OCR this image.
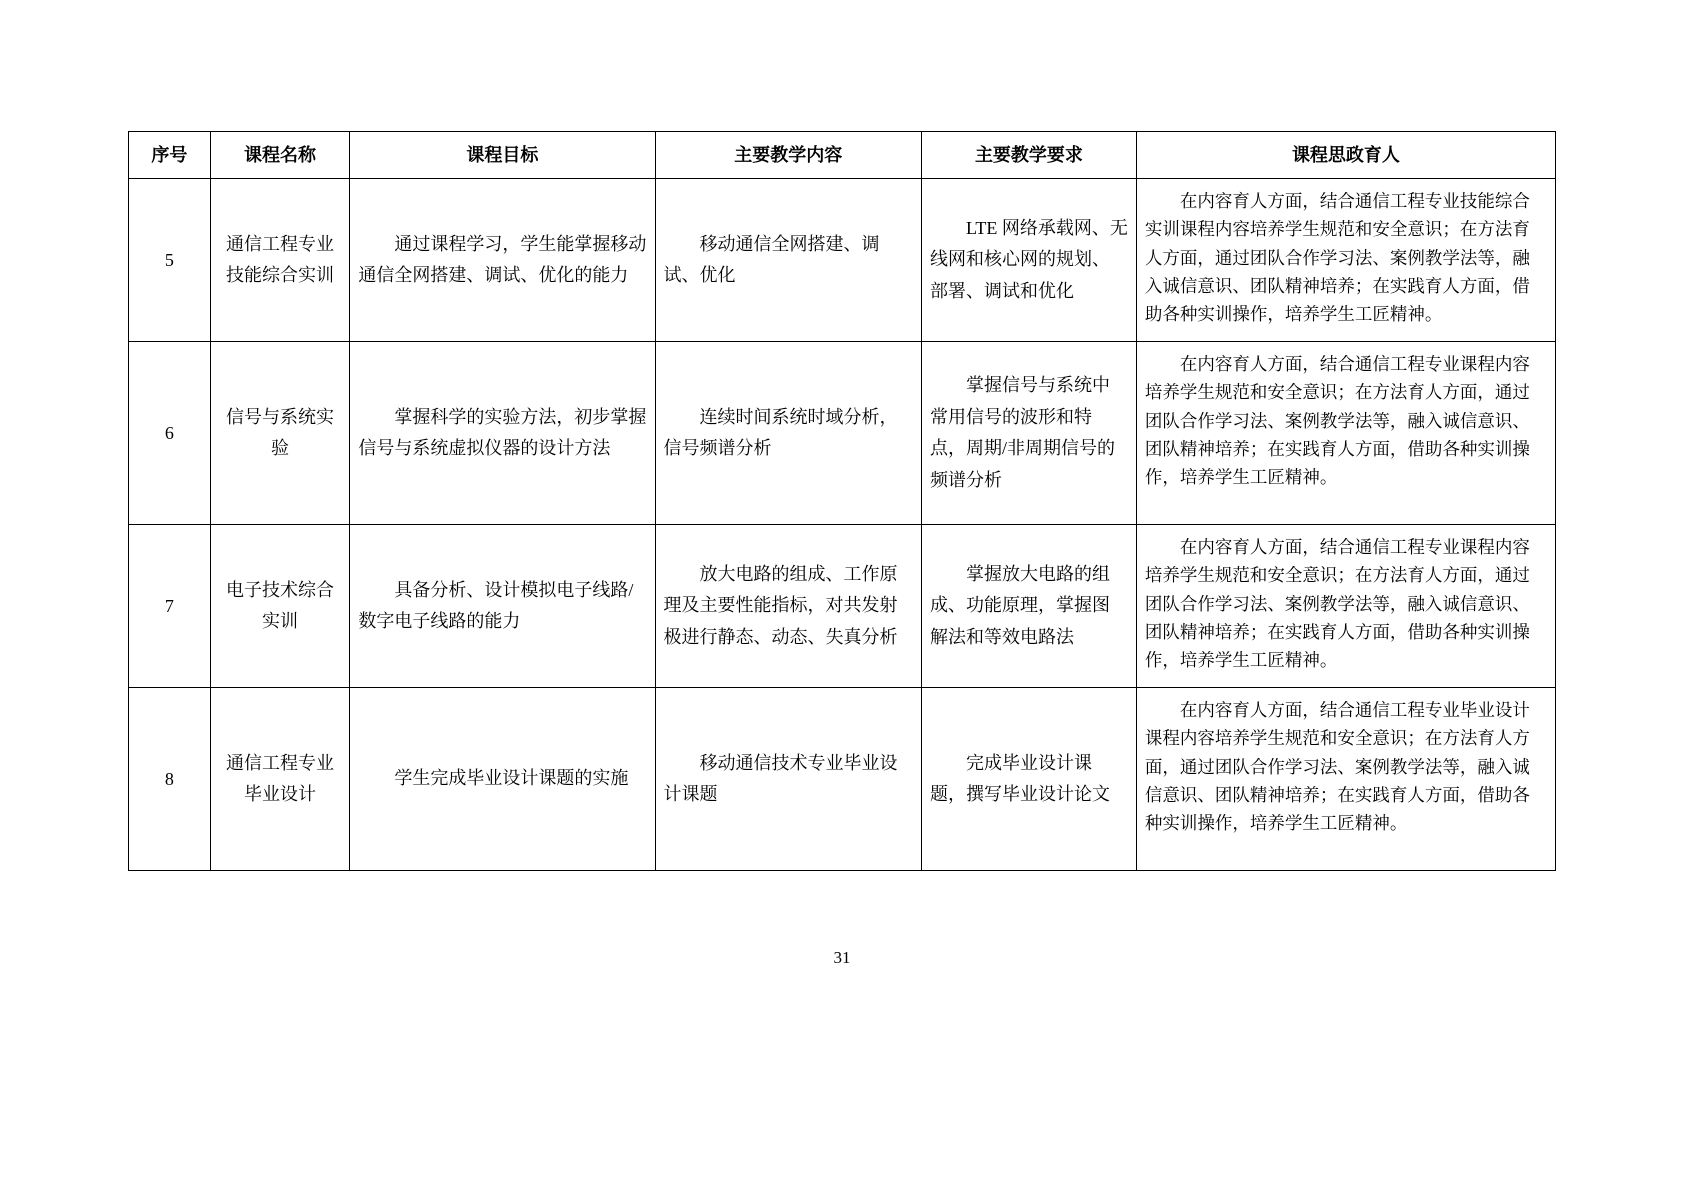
序号	课程名称	课程目标	主要教学内容	主要教学要求	课程思政育人
5	通信工程专业技能综合实训	通过课程学习，学生能掌握移动通信全网搭建、调试、优化的能力	移动通信全网搭建、调试、优化	LTE 网络承载网、无线网和核心网的规划、部署、调试和优化	在内容育人方面，结合通信工程专业技能综合实训课程内容培养学生规范和安全意识；在方法育人方面，通过团队合作学习法、案例教学法等，融入诚信意识、团队精神培养；在实践育人方面，借助各种实训操作，培养学生工匠精神。
6	信号与系统实验	掌握科学的实验方法，初步掌握信号与系统虚拟仪器的设计方法	连续时间系统时域分析，信号频谱分析	掌握信号与系统中常用信号的波形和特点，周期/非周期信号的频谱分析	在内容育人方面，结合通信工程专业课程内容培养学生规范和安全意识；在方法育人方面，通过团队合作学习法、案例教学法等，融入诚信意识、团队精神培养；在实践育人方面，借助各种实训操作，培养学生工匠精神。
7	电子技术综合实训	具备分析、设计模拟电子线路/数字电子线路的能力	放大电路的组成、工作原理及主要性能指标，对共发射极进行静态、动态、失真分析	掌握放大电路的组成、功能原理，掌握图解法和等效电路法	在内容育人方面，结合通信工程专业课程内容培养学生规范和安全意识；在方法育人方面，通过团队合作学习法、案例教学法等，融入诚信意识、团队精神培养；在实践育人方面，借助各种实训操作，培养学生工匠精神。
8	通信工程专业毕业设计	学生完成毕业设计课题的实施	移动通信技术专业毕业设计课题	完成毕业设计课题，撰写毕业设计论文	在内容育人方面，结合通信工程专业毕业设计课程内容培养学生规范和安全意识；在方法育人方面，通过团队合作学习法、案例教学法等，融入诚信意识、团队精神培养；在实践育人方面，借助各种实训操作，培养学生工匠精神。
31
